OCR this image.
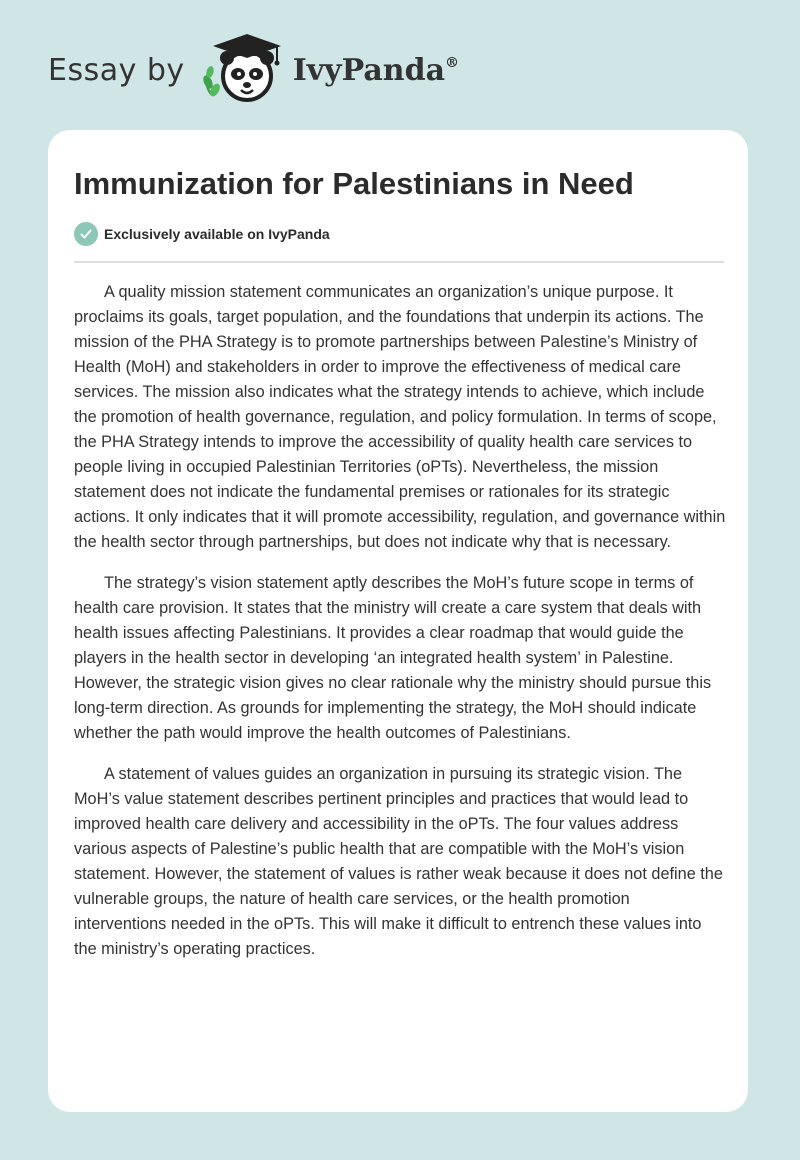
Essay by	IvyPanda®
Immunization for Palestinians in Need
Exclusively available on IvyPanda

A quality mission statement communicates an organization’s unique purpose. It proclaims its goals, target population, and the foundations that underpin its actions. The mission of the PHA Strategy is to promote partnerships between Palestine’s Ministry of Health (MoH) and stakeholders in order to improve the effectiveness of medical care services. The mission also indicates what the strategy intends to achieve, which include the promotion of health governance, regulation, and policy formulation. In terms of scope, the PHA Strategy intends to improve the accessibility of quality health care services to people living in occupied Palestinian Territories (oPTs). Nevertheless, the mission statement does not indicate the fundamental premises or rationales for its strategic actions. It only indicates that it will promote accessibility, regulation, and governance within the health sector through partnerships, but does not indicate why that is necessary.

The strategy’s vision statement aptly describes the MoH’s future scope in terms of health care provision. It states that the ministry will create a care system that deals with health issues affecting Palestinians. It provides a clear roadmap that would guide the players in the health sector in developing ‘an integrated health system’ in Palestine. However, the strategic vision gives no clear rationale why the ministry should pursue this long-term direction. As grounds for implementing the strategy, the MoH should indicate whether the path would improve the health outcomes of Palestinians.

A statement of values guides an organization in pursuing its strategic vision. The MoH’s value statement describes pertinent principles and practices that would lead to improved health care delivery and accessibility in the oPTs. The four values address various aspects of Palestine’s public health that are compatible with the MoH’s vision statement. However, the statement of values is rather weak because it does not define the vulnerable groups, the nature of health care services, or the health promotion interventions needed in the oPTs. This will make it difficult to entrench these values into the ministry’s operating practices.
